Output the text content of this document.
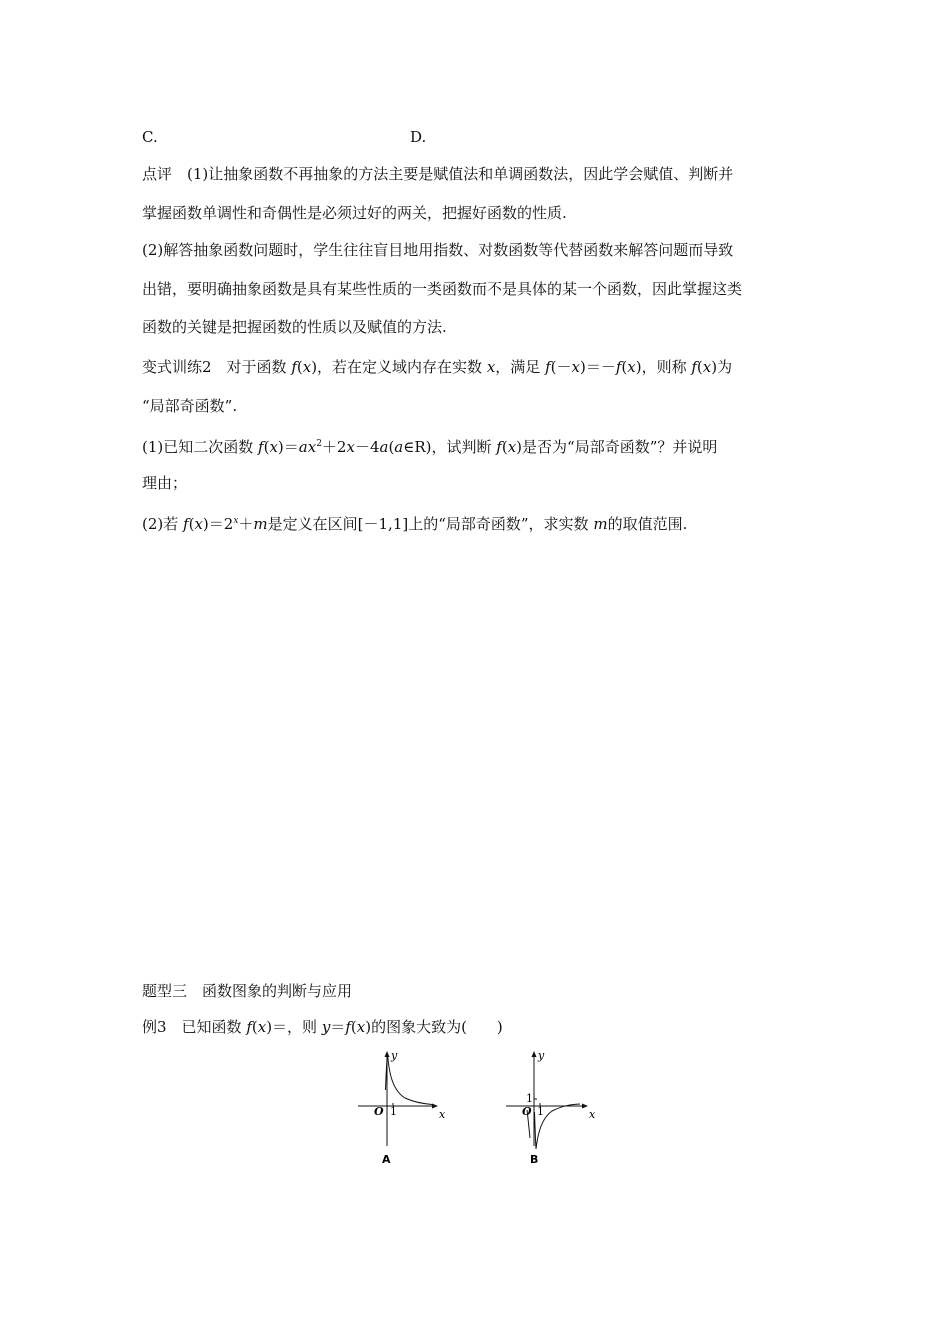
C.	D.
点评　(1)让抽象函数不再抽象的方法主要是赋值法和单调函数法，因此学会赋值、判断并
掌握函数单调性和奇偶性是必须过好的两关，把握好函数的性质.
(2)解答抽象函数问题时，学生往往盲目地用指数、对数函数等代替函数来解答问题而导致
出错，要明确抽象函数是具有某些性质的一类函数而不是具体的某一个函数，因此掌握这类
函数的关键是把握函数的性质以及赋值的方法.
变式训练2　对于函数 f(x)，若在定义域内存在实数 x，满足 f(－x)＝－f(x)，则称 f(x)为
“局部奇函数”.
(1)已知二次函数 $f(x)=ax^2+2x-4a(a\in R)$，试判断 f(x)是否为“局部奇函数”？并说明
理由；
(2)若 $f(x)=2^x+m$是定义在区间[－1,1]上的“局部奇函数”，求实数 m的取值范围.
题型三　函数图象的判断与应用
例3　已知函数 f(x)＝，则 y＝f(x)的图象大致为(　　)
y
x
O 1
A
y
x
O 1
1
B
